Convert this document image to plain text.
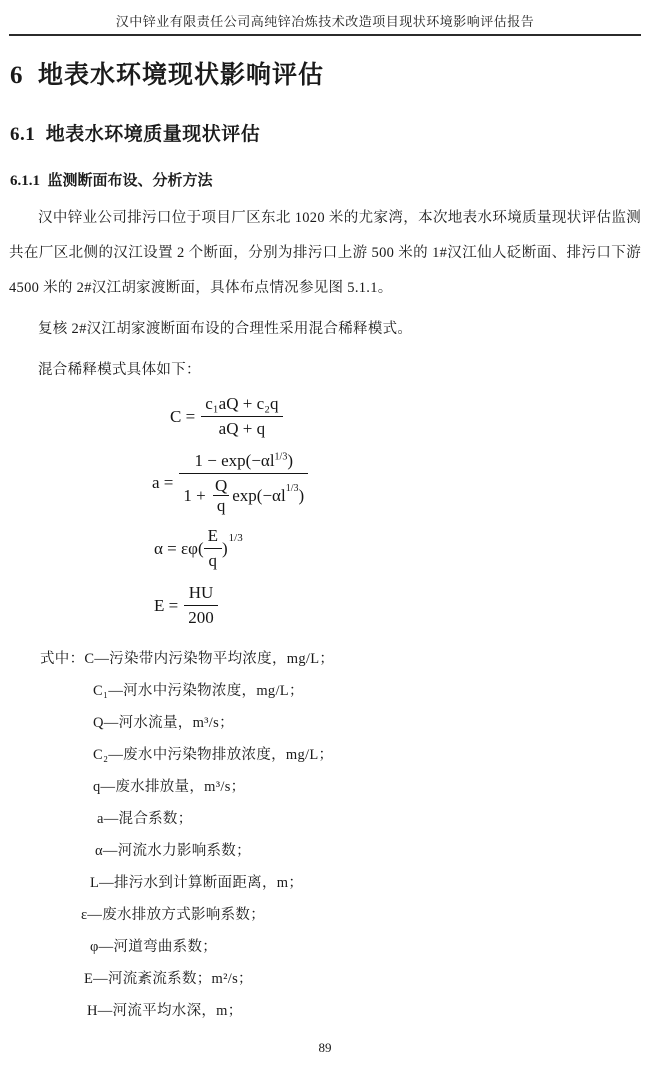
汉中锌业有限责任公司高纯锌冶炼技术改造项目现状环境影响评估报告
6  地表水环境现状影响评估
6.1  地表水环境质量现状评估
6.1.1  监测断面布设、分析方法

汉中锌业公司排污口位于项目厂区东北 1020 米的尤家湾，本次地表水环境质量现状评估监测共在厂区北侧的汉江设置 2 个断面，分别为排污口上游 500 米的 1#汉江仙人砭断面、排污口下游 4500 米的 2#汉江胡家渡断面，具体布点情况参见图 5.1.1。

复核 2#汉江胡家渡断面布设的合理性采用混合稀释模式。

混合稀释模式具体如下：

$C = \frac{\text{c₁aQ + c₂q}}{aQ + q}$
a =
$1 - \exp(-\alpha l^{1/3})$
$1 + \frac{Q}{q} \exp(-\alpha l$ 1/3 )
$\alpha = \varepsilon\varphi( \frac{E}{q}$ )
1/3
$E = \frac{HU}{200}$
式中：C—污染带内污染物平均浓度，mg/L；
C₁—河水中污染物浓度，mg/L；
Q—河水流量，m³/s；
C₂—废水中污染物排放浓度，mg/L；
q—废水排放量，m³/s；
a—混合系数；
α—河流水力影响系数；
L—排污水到计算断面距离，m；
ε—废水排放方式影响系数；
φ—河道弯曲系数；
E—河流紊流系数；m²/s；
H—河流平均水深，m；
89
